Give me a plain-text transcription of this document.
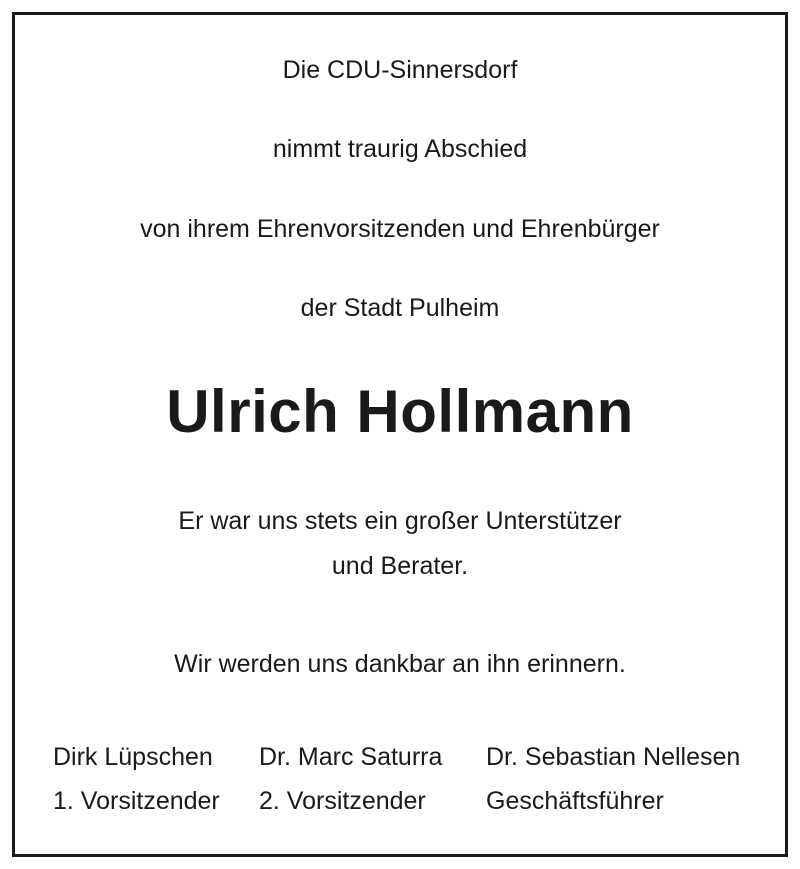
Die CDU-Sinnersdorf
nimmt traurig Abschied
von ihrem Ehrenvorsitzenden und Ehrenbürger
der Stadt Pulheim
Ulrich Hollmann
Er war uns stets ein großer Unterstützer
und Berater.
Wir werden uns dankbar an ihn erinnern.
Dirk Lüpschen
1. Vorsitzender
Dr. Marc Saturra
2. Vorsitzender
Dr. Sebastian Nellesen
Geschäftsführer
